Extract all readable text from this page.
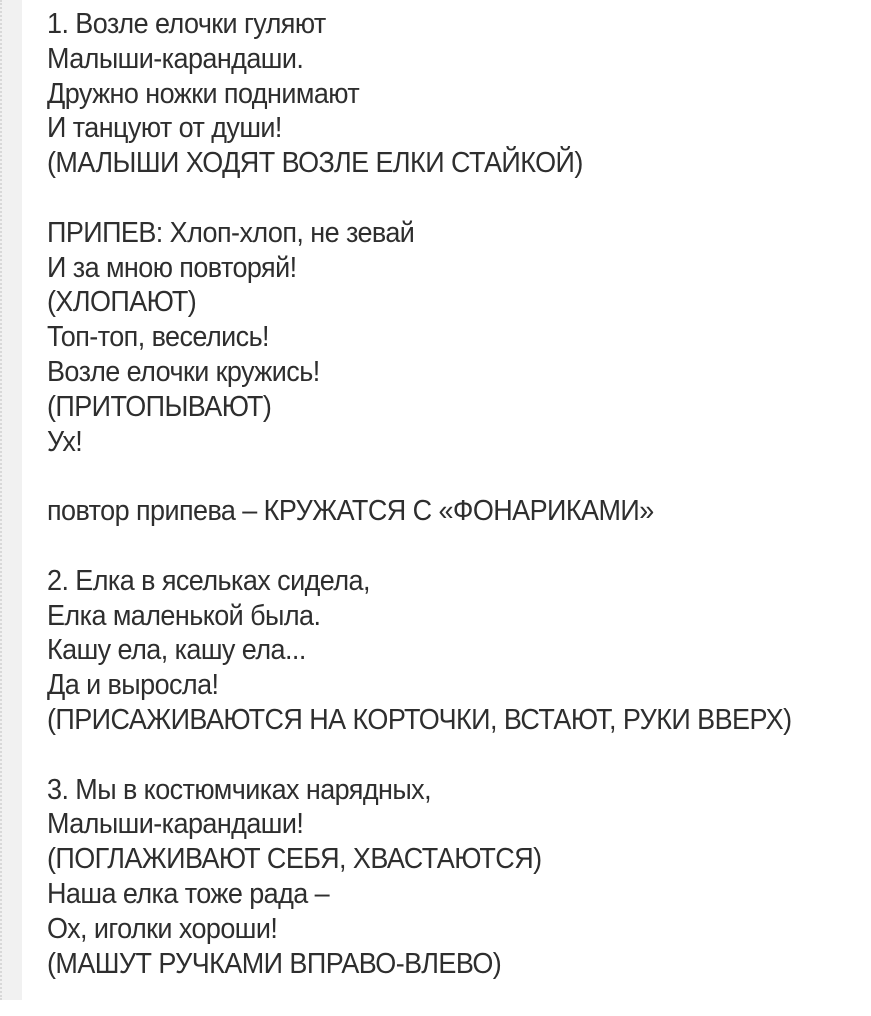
1. Возле елочки гуляют
Малыши-карандаши.
Дружно ножки поднимают
И танцуют от души!
(МАЛЫШИ ХОДЯТ ВОЗЛЕ ЕЛКИ СТАЙКОЙ)
ПРИПЕВ: Хлоп-хлоп, не зевай
И за мною повторяй!
(ХЛОПАЮТ)
Топ-топ, веселись!
Возле елочки кружись!
(ПРИТОПЫВАЮТ)
Ух!
повтор припева – КРУЖАТСЯ С «ФОНАРИКАМИ»
2. Елка в ясельках сидела,
Елка маленькой была.
Кашу ела, кашу ела...
Да и выросла!
(ПРИСАЖИВАЮТСЯ НА КОРТОЧКИ, ВСТАЮТ, РУКИ ВВЕРХ)
3. Мы в костюмчиках нарядных,
Малыши-карандаши!
(ПОГЛАЖИВАЮТ СЕБЯ, ХВАСТАЮТСЯ)
Наша елка тоже рада –
Ох, иголки хороши!
(МАШУТ РУЧКАМИ ВПРАВО-ВЛЕВО)
